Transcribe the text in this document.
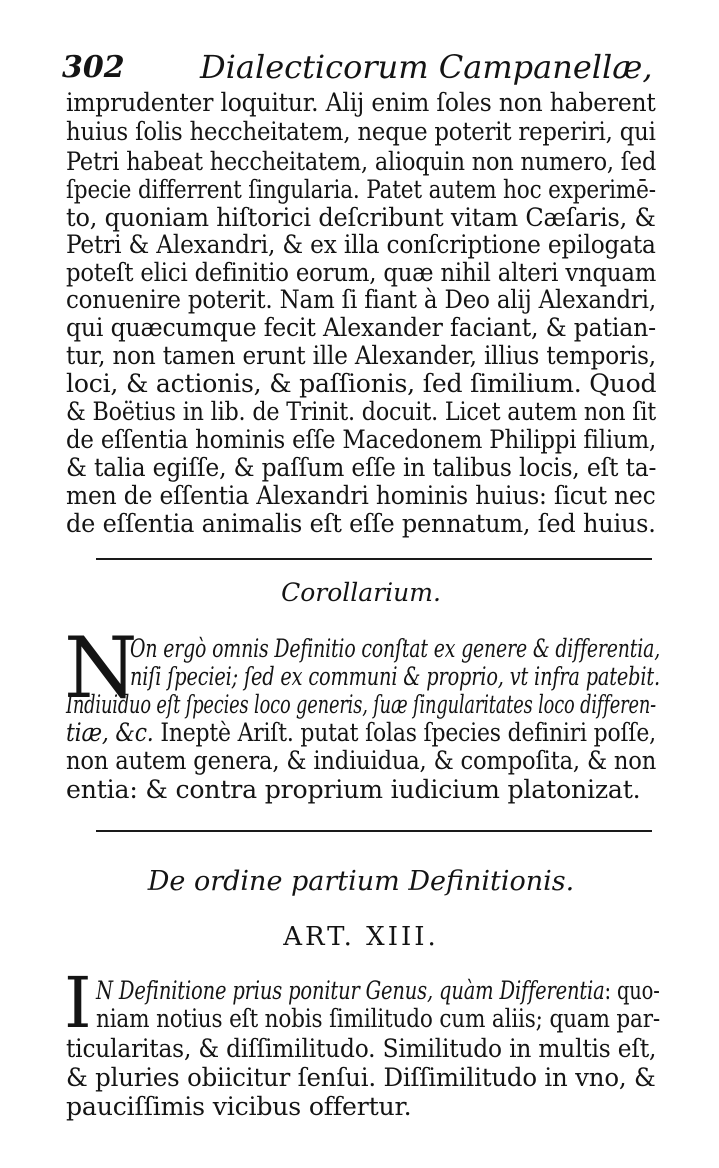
302 Dialecticorum Campanellæ,
imprudenter loquitur. Alij enim ſoles non haberent
huius ſolis heccheitatem, neque poterit reperiri, qui
Petri habeat heccheitatem, alioquin non numero, ſed
ſpecie differrent ſingularia. Patet autem hoc experimē-
to, quoniam hiſtorici deſcribunt vitam Cæſaris, &
Petri & Alexandri, & ex illa conſcriptione epilogata
poteſt elici definitio eorum, quæ nihil alteri vnquam
conuenire poterit. Nam ſi fiant à Deo alij Alexandri,
qui quæcumque fecit Alexander faciant, & patian-
tur, non tamen erunt ille Alexander, illius temporis,
loci, & actionis, & paſſionis, ſed ſimilium. Quod
& Boëtius in lib. de Trinit. docuit. Licet autem non ſit
de eſſentia hominis eſſe Macedonem Philippi filium,
& talia egiſſe, & paſſum eſſe in talibus locis, eſt ta-
men de eſſentia Alexandri hominis huius: ſicut nec
de eſſentia animalis eſt eſſe pennatum, ſed huius.
Corollarium.
N
On ergò omnis Definitio conſtat ex genere & differentia,
niſi ſpeciei; ſed ex communi & proprio, vt infra patebit.
Indiuiduo eſt ſpecies loco generis, ſuæ ſingularitates loco differen-
tiæ, &c. Ineptè Ariſt. putat ſolas ſpecies definiri poſſe,
non autem genera, & indiuidua, & compoſita, & non
entia: & contra proprium iudicium platonizat.
De ordine partium Definitionis.
ART. XIII.
I N Definitione prius ponitur Genus, quàm Differentia: quo-
niam notius eſt nobis ſimilitudo cum aliis; quam par-
ticularitas, & diſſimilitudo. Similitudo in multis eſt,
& pluries obiicitur ſenſui. Diſſimilitudo in vno, &
pauciſſimis vicibus offertur.
